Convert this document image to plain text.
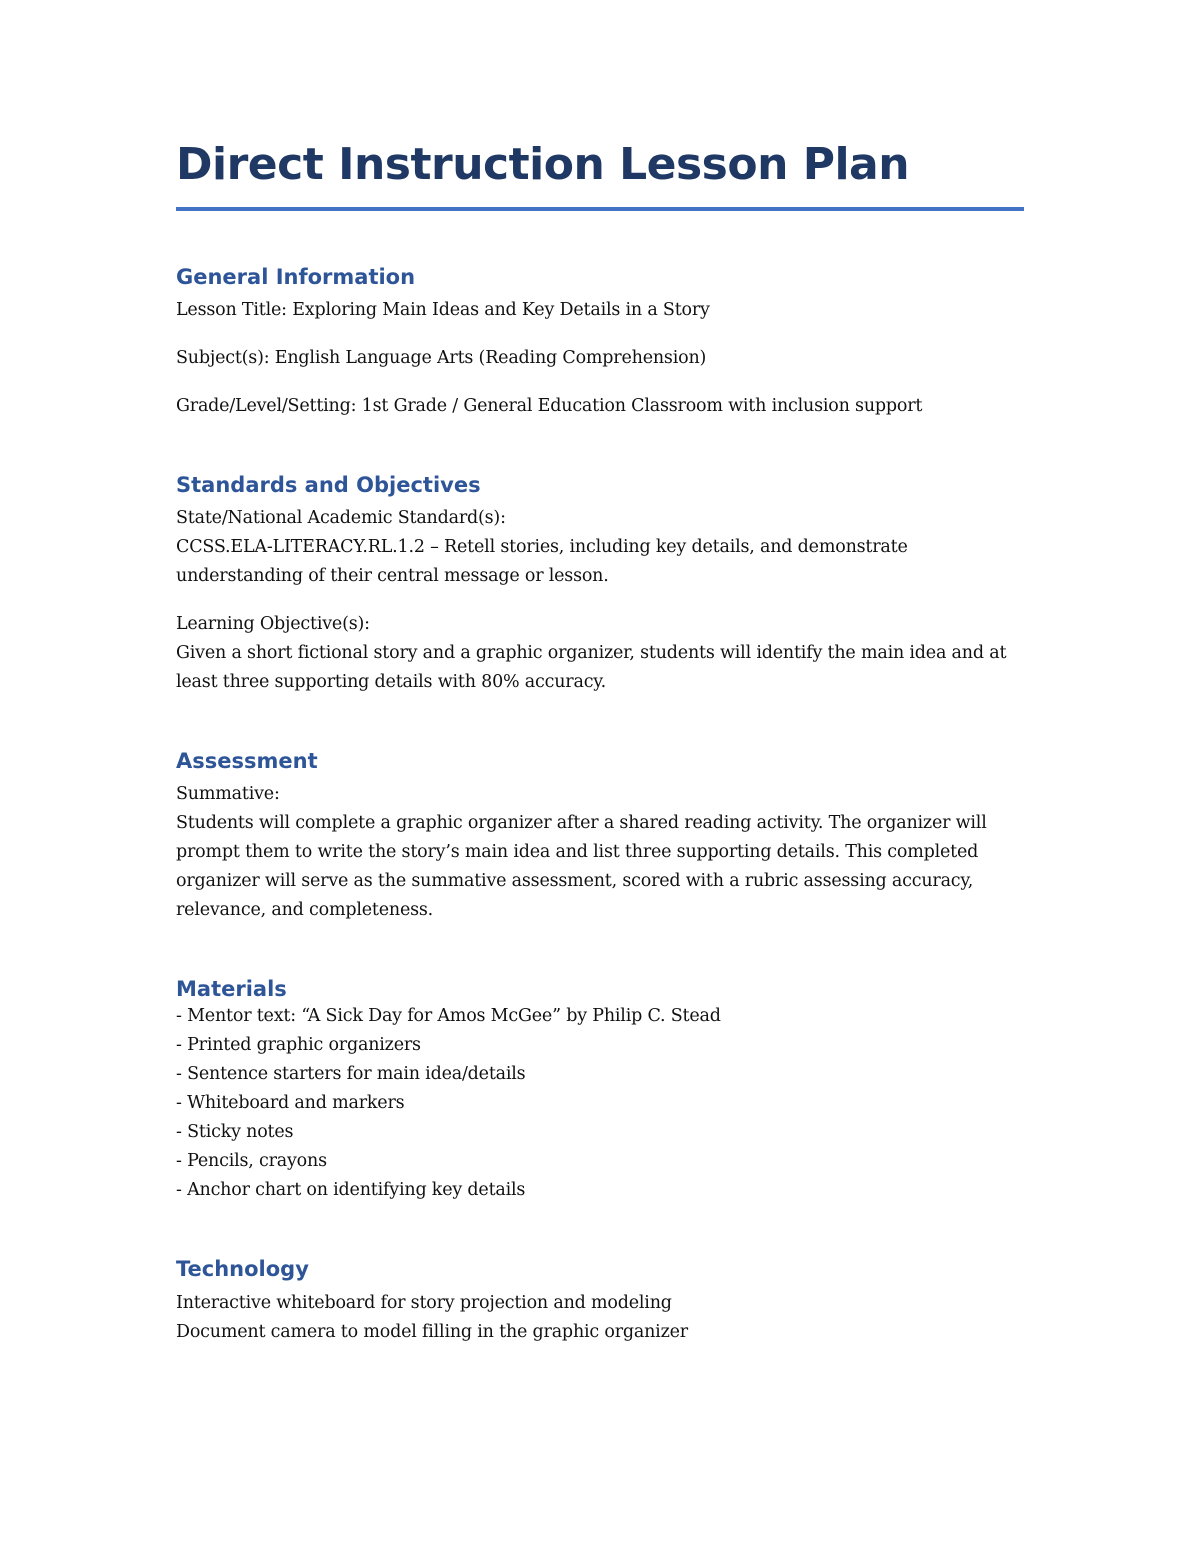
Direct Instruction Lesson Plan
General Information

Lesson Title: Exploring Main Ideas and Key Details in a Story

Subject(s): English Language Arts (Reading Comprehension)

Grade/Level/Setting: 1st Grade / General Education Classroom with inclusion support

Standards and Objectives

State/National Academic Standard(s):

CCSS.ELA-LITERACY.RL.1.2 – Retell stories, including key details, and demonstrate understanding of their central message or lesson.

Learning Objective(s):

Given a short fictional story and a graphic organizer, students will identify the main idea and at least three supporting details with 80% accuracy.

Assessment

Summative:

Students will complete a graphic organizer after a shared reading activity. The organizer will prompt them to write the story’s main idea and list three supporting details. This completed organizer will serve as the summative assessment, scored with a rubric assessing accuracy, relevance, and completeness.

Materials
- Mentor text: “A Sick Day for Amos McGee” by Philip C. Stead
- Printed graphic organizers
- Sentence starters for main idea/details
- Whiteboard and markers
- Sticky notes
- Pencils, crayons
- Anchor chart on identifying key details
Technology

Interactive whiteboard for story projection and modeling

Document camera to model filling in the graphic organizer
